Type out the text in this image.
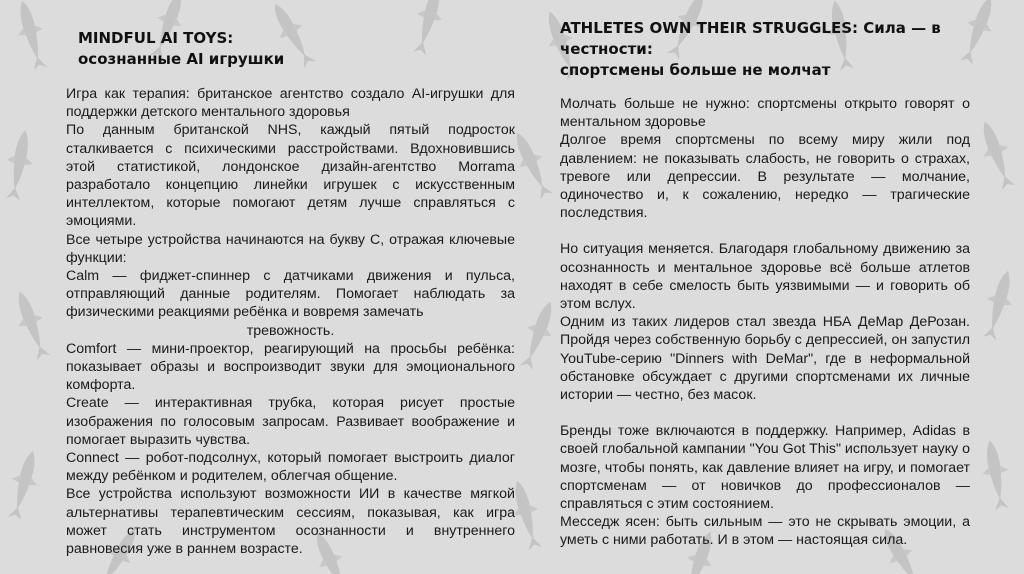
MINDFUL AI TOYS:
осознанные AI игрушки

Игра как терапия: британское агентство создало AI-игрушки для поддержки детского ментального здоровья

По данным британской NHS, каждый пятый подросток сталкивается с психическими расстройствами. Вдохновившись этой статистикой, лондонское дизайн-агентство Morrama разработало концепцию линейки игрушек с искусственным интеллектом, которые помогают детям лучше справляться с эмоциями.

Все четыре устройства начинаются на букву C, отражая ключевые функции:

Calm — фиджет-спиннер с датчиками движения и пульса, отправляющий данные родителям. Помогает наблюдать за физическими реакциями ребёнка и вовремя замечать

тревожность.

Comfort — мини-проектор, реагирующий на просьбы ребёнка: показывает образы и воспроизводит звуки для эмоционального комфорта.

Create — интерактивная трубка, которая рисует простые изображения по голосовым запросам. Развивает воображение и помогает выразить чувства.

Connect — робот-подсолнух, который помогает выстроить диалог между ребёнком и родителем, облегчая общение.

Все устройства используют возможности ИИ в качестве мягкой альтернативы терапевтическим сессиям, показывая, как игра может стать инструментом осознанности и внутреннего равновесия уже в раннем возрасте.

ATHLETES OWN THEIR STRUGGLES: Сила — в честности:
спортсмены больше не молчат

Молчать больше не нужно: спортсмены открыто говорят о ментальном здоровье

Долгое время спортсмены по всему миру жили под давлением: не показывать слабость, не говорить о страхах, тревоге или депрессии. В результате — молчание, одиночество и, к сожалению, нередко — трагические последствия.

Но ситуация меняется. Благодаря глобальному движению за осознанность и ментальное здоровье всё больше атлетов находят в себе смелость быть уязвимыми — и говорить об этом вслух.

Одним из таких лидеров стал звезда НБА ДеМар ДеРозан. Пройдя через собственную борьбу с депрессией, он запустил YouTube-серию "Dinners with DeMar", где в неформальной обстановке обсуждает с другими спортсменами их личные истории — честно, без масок.

Бренды тоже включаются в поддержку. Например, Adidas в своей глобальной кампании "You Got This" использует науку о мозге, чтобы понять, как давление влияет на игру, и помогает спортсменам — от новичков до профессионалов — справляться с этим состоянием.

Месседж ясен: быть сильным — это не скрывать эмоции, а уметь с ними работать. И в этом — настоящая сила.
